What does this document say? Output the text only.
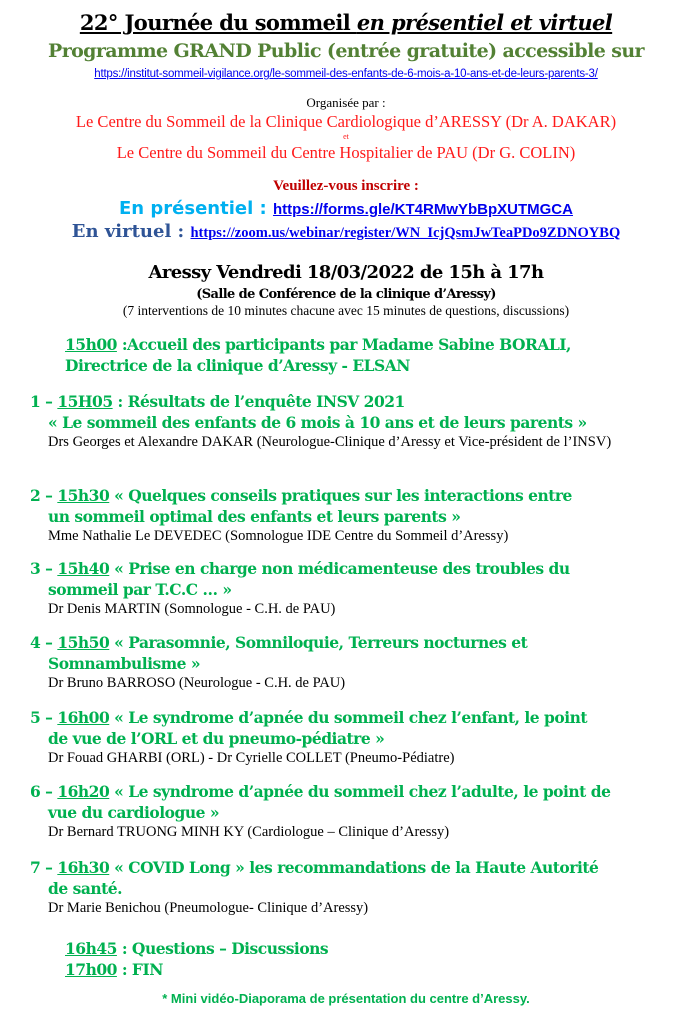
22° Journée du sommeil en présentiel et virtuel
Programme GRAND Public (entrée gratuite) accessible sur
https://institut-sommeil-vigilance.org/le-sommeil-des-enfants-de-6-mois-a-10-ans-et-de-leurs-parents-3/
Organisée par :
Le Centre du Sommeil de la Clinique Cardiologique d’ARESSY (Dr A. DAKAR)
et
Le Centre du Sommeil du Centre Hospitalier de PAU (Dr G. COLIN)
Veuillez-vous inscrire :
En présentiel : https://forms.gle/KT4RMwYbBpXUTMGCA
En virtuel : https://zoom.us/webinar/register/WN_IcjQsmJwTeaPDo9ZDNOYBQ
Aressy Vendredi 18/03/2022 de 15h à 17h
(Salle de Conférence de la clinique d’Aressy)
(7 interventions de 10 minutes chacune avec 15 minutes de questions, discussions)
15h00 :Accueil des participants par Madame Sabine BORALI,
Directrice de la clinique d’Aressy - ELSAN
1 – 15H05 : Résultats de l’enquête INSV 2021
« Le sommeil des enfants de 6 mois à 10 ans et de leurs parents »
Drs Georges et Alexandre DAKAR (Neurologue-Clinique d’Aressy et Vice-président de l’INSV)
2 – 15h30 « Quelques conseils pratiques sur les interactions entre
un sommeil optimal des enfants et leurs parents »
Mme Nathalie Le DEVEDEC (Somnologue IDE Centre du Sommeil d’Aressy)
3 – 15h40 « Prise en charge non médicamenteuse des troubles du
sommeil par T.C.C … »
Dr Denis MARTIN (Somnologue - C.H. de PAU)
4 – 15h50 « Parasomnie, Somniloquie, Terreurs nocturnes et
Somnambulisme »
Dr Bruno BARROSO (Neurologue - C.H. de PAU)
5 – 16h00 « Le syndrome d’apnée du sommeil chez l’enfant, le point
de vue de l’ORL et du pneumo-pédiatre »
Dr Fouad GHARBI (ORL) - Dr Cyrielle COLLET (Pneumo-Pédiatre)
6 – 16h20 « Le syndrome d’apnée du sommeil chez l’adulte, le point de
vue du cardiologue »
Dr Bernard TRUONG MINH KY (Cardiologue – Clinique d’Aressy)
7 – 16h30 « COVID Long » les recommandations de la Haute Autorité
de santé.
Dr Marie Benichou (Pneumologue- Clinique d’Aressy)
16h45 : Questions – Discussions
17h00 : FIN
* Mini vidéo-Diaporama de présentation du centre d’Aressy.
